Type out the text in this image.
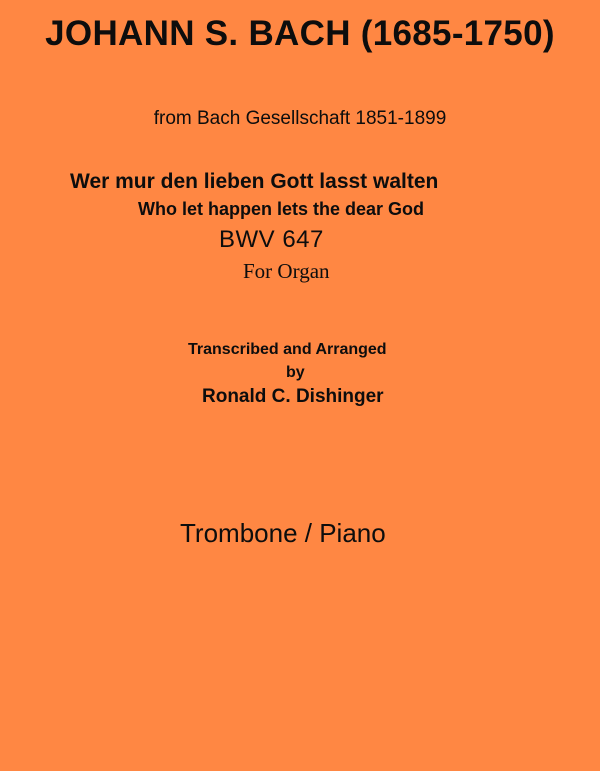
JOHANN S. BACH (1685-1750)

from Bach Gesellschaft 1851-1899

Wer mur den lieben Gott lasst walten

Who let happen lets the dear God

BWV 647

For Organ

Transcribed and Arranged

by

Ronald C. Dishinger

Trombone / Piano
